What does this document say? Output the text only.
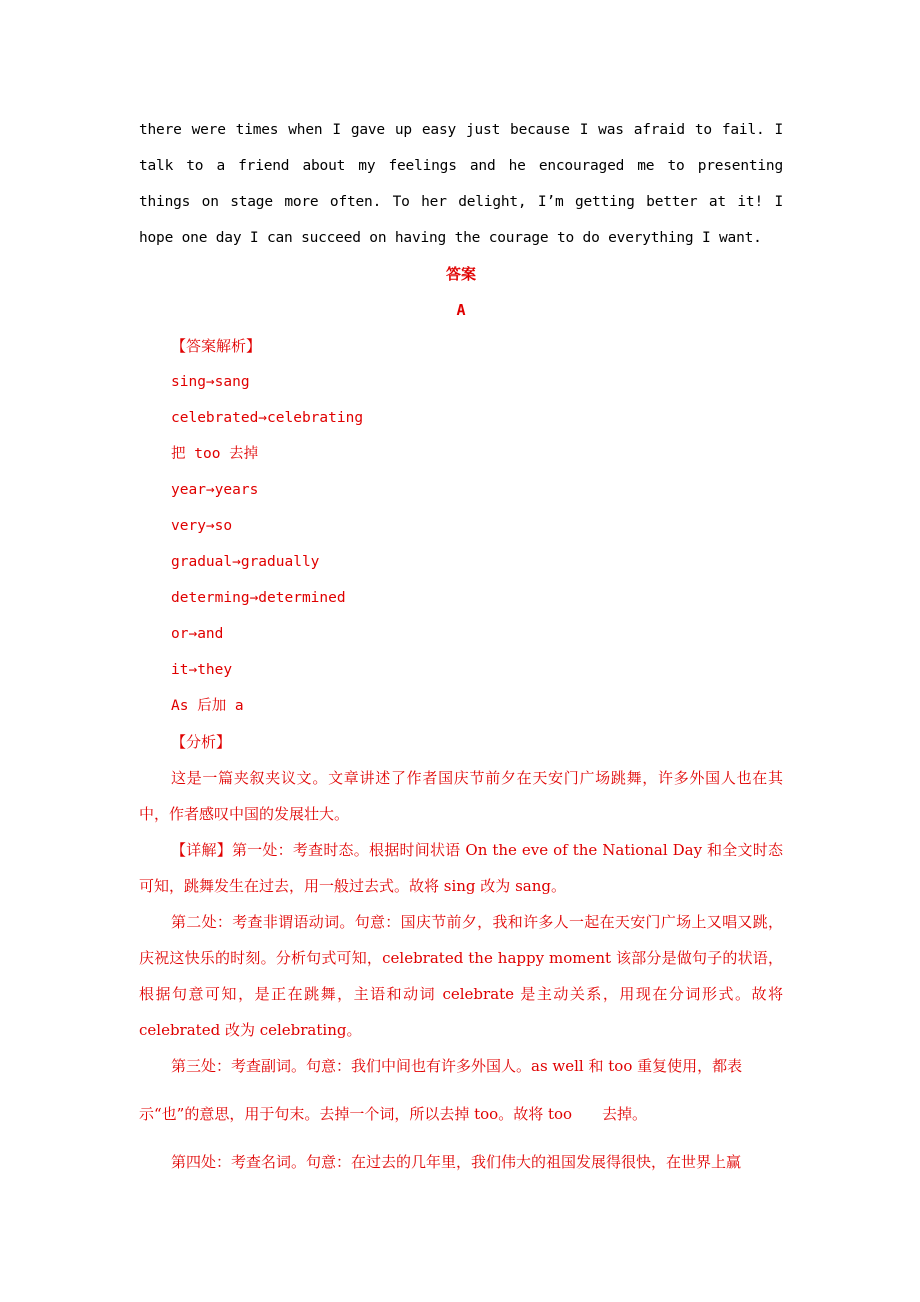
there were times when I gave up easy just because I was afraid to fail. I talk to a friend about my feelings and he encouraged me to presenting things on stage more often. To her delight, I’m getting better at it! I hope one day I can succeed on having the courage to do everything I want.

答案

A

【答案解析】

sing→sang
celebrated→celebrating
把 too 去掉
year→years
very→so
gradual→gradually
determing→determined
or→and
it→they
As 后加 a

【分析】

这是一篇夹叙夹议文。文章讲述了作者国庆节前夕在天安门广场跳舞，许多外国人也在其中，作者感叹中国的发展壮大。

【详解】第一处：考查时态。根据时间状语 On the eve of the National Day 和全文时态可知，跳舞发生在过去，用一般过去式。故将 sing 改为 sang。

第二处：考查非谓语动词。句意：国庆节前夕，我和许多人一起在天安门广场上又唱又跳，庆祝这快乐的时刻。分析句式可知，celebrated the happy moment 该部分是做句子的状语，根据句意可知，是正在跳舞，主语和动词 celebrate 是主动关系，用现在分词形式。故将 celebrated 改为 celebrating。

第三处：考查副词。句意：我们中间也有许多外国人。as well 和 too 重复使用，都表

示“也”的意思，用于句末。去掉一个词，所以去掉 too。故将 too　　去掉。

第四处：考查名词。句意：在过去的几年里，我们伟大的祖国发展得很快，在世界上赢
